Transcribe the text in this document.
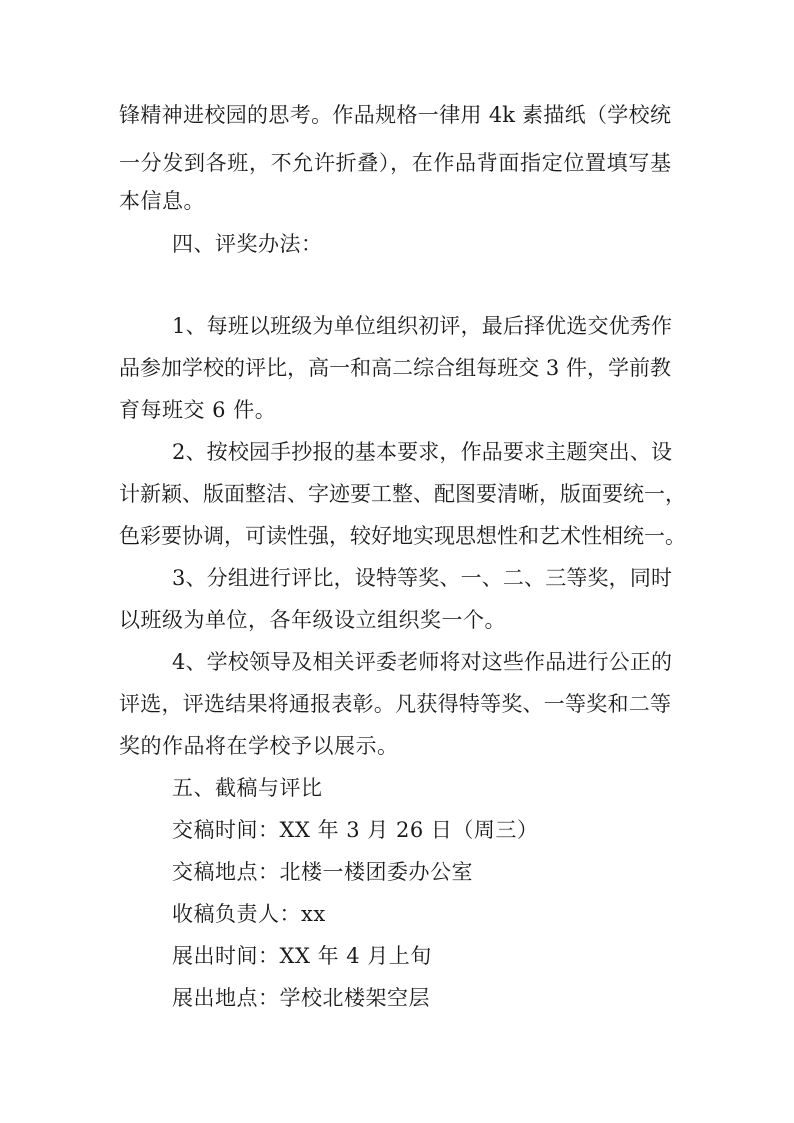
锋精神进校园的思考。作品规格一律用 4k 素描纸（学校统
一分发到各班，不允许折叠），在作品背面指定位置填写基
本信息。
四、评奖办法：
1、每班以班级为单位组织初评，最后择优选交优秀作
品参加学校的评比，高一和高二综合组每班交 3 件，学前教
育每班交 6 件。
2、按校园手抄报的基本要求，作品要求主题突出、设
计新颖、版面整洁、字迹要工整、配图要清晰，版面要统一，
色彩要协调，可读性强，较好地实现思想性和艺术性相统一。
3、分组进行评比，设特等奖、一、二、三等奖，同时
以班级为单位，各年级设立组织奖一个。
4、学校领导及相关评委老师将对这些作品进行公正的
评选，评选结果将通报表彰。凡获得特等奖、一等奖和二等
奖的作品将在学校予以展示。
五、截稿与评比
交稿时间：XX 年 3 月 26 日（周三）
交稿地点：北楼一楼团委办公室
收稿负责人：xx
展出时间：XX 年 4 月上旬
展出地点：学校北楼架空层
